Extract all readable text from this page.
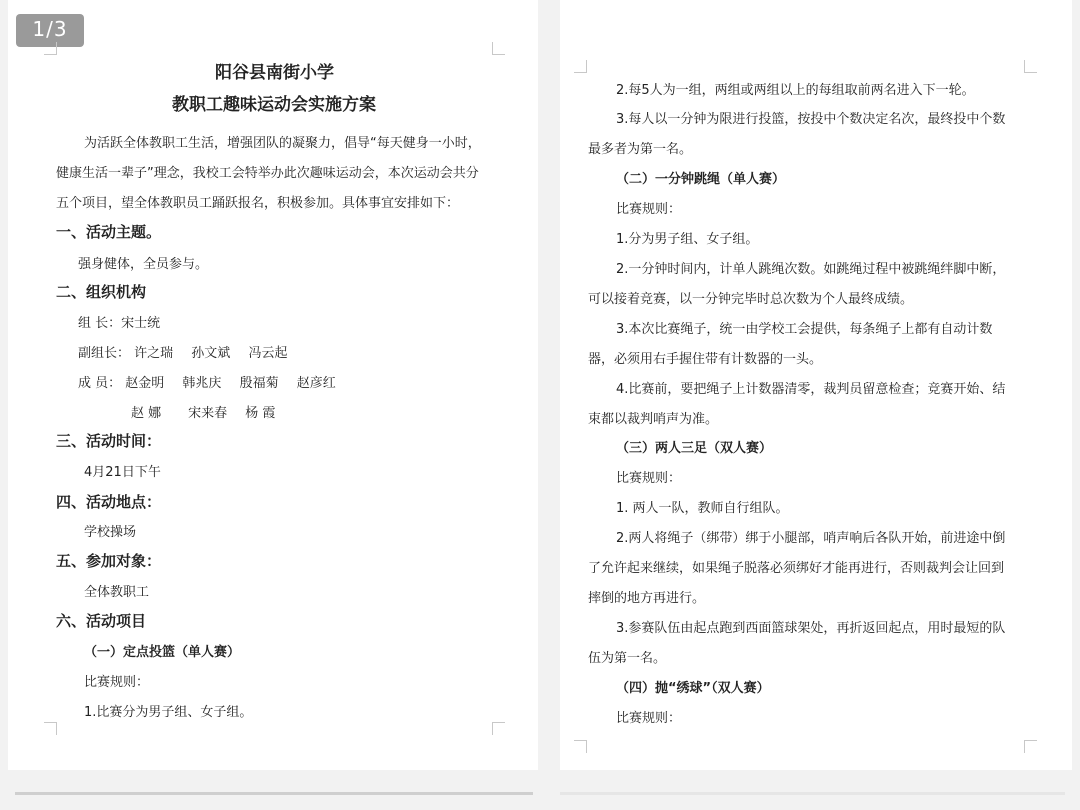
1/3
阳谷县南街小学
教职工趣味运动会实施方案
为活跃全体教职工生活，增强团队的凝聚力，倡导“每天健身一小时，
健康生活一辈子”理念，我校工会特举办此次趣味运动会，本次运动会共分
五个项目，望全体教职员工踊跃报名，积极参加。具体事宜安排如下：
一、活动主题。
强身健体，全员参与。
二、组织机构
组 长：宋士统
副组长： 许之瑞 孙文斌 冯云起
成 员： 赵金明 韩兆庆 殷福菊 赵彦红
赵 娜 宋来春 杨 霞
三、活动时间：
4月21日下午
四、活动地点：
学校操场
五、参加对象：
全体教职工
六、活动项目
（一）定点投篮（单人赛）
比赛规则：
1.比赛分为男子组、女子组。
2.每5人为一组，两组或两组以上的每组取前两名进入下一轮。
3.每人以一分钟为限进行投篮，按投中个数决定名次，最终投中个数
最多者为第一名。
（二）一分钟跳绳（单人赛）
比赛规则：
1.分为男子组、女子组。
2.一分钟时间内，计单人跳绳次数。如跳绳过程中被跳绳绊脚中断，
可以接着竞赛，以一分钟完毕时总次数为个人最终成绩。
3.本次比赛绳子，统一由学校工会提供，每条绳子上都有自动计数
器，必须用右手握住带有计数器的一头。
4.比赛前，要把绳子上计数器清零，裁判员留意检查；竞赛开始、结
束都以裁判哨声为准。
（三）两人三足（双人赛）
比赛规则：
1. 两人一队，教师自行组队。
2.两人将绳子（绑带）绑于小腿部，哨声响后各队开始，前进途中倒
了允许起来继续，如果绳子脱落必须绑好才能再进行，否则裁判会让回到
摔倒的地方再进行。
3.参赛队伍由起点跑到西面篮球架处，再折返回起点，用时最短的队
伍为第一名。
（四）抛“绣球”（双人赛）
比赛规则：
